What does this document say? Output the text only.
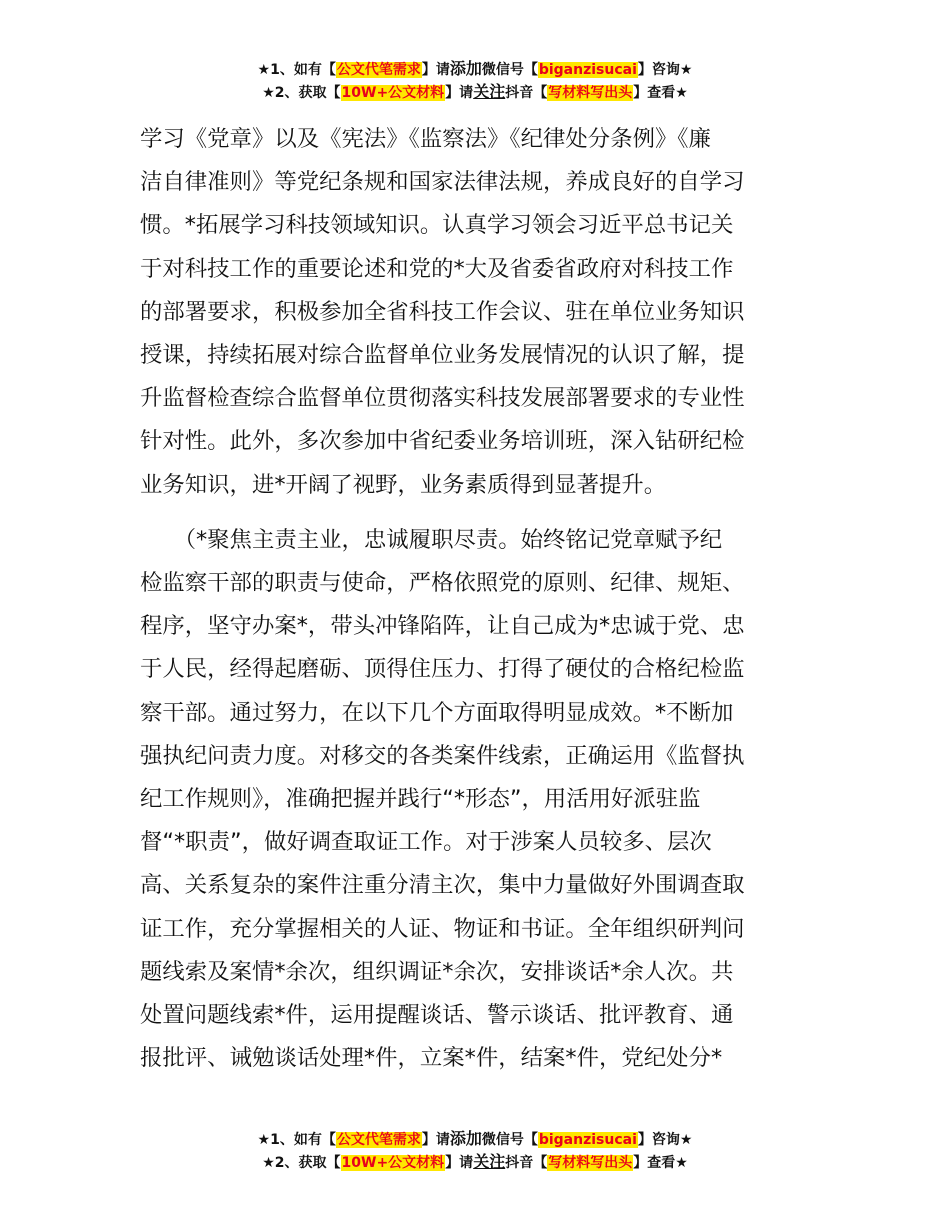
★1、如有【公文代笔需求】请添加微信号【biganzisucai】咨询★
★2、获取【10W+公文材料】请关注抖音【写材料写出头】查看★

学习《党章》以及《宪法》《监察法》《纪律处分条例》《廉
洁自律准则》等党纪条规和国家法律法规，养成良好的自学习
惯。*拓展学习科技领域知识。认真学习领会习近平总书记关
于对科技工作的重要论述和党的*大及省委省政府对科技工作
的部署要求，积极参加全省科技工作会议、驻在单位业务知识
授课，持续拓展对综合监督单位业务发展情况的认识了解，提
升监督检查综合监督单位贯彻落实科技发展部署要求的专业性
针对性。此外，多次参加中省纪委业务培训班，深入钻研纪检
业务知识，进*开阔了视野，业务素质得到显著提升。

　　（*聚焦主责主业，忠诚履职尽责。始终铭记党章赋予纪
检监察干部的职责与使命，严格依照党的原则、纪律、规矩、
程序，坚守办案*，带头冲锋陷阵，让自己成为*忠诚于党、忠
于人民，经得起磨砺、顶得住压力、打得了硬仗的合格纪检监
察干部。通过努力，在以下几个方面取得明显成效。*不断加
强执纪问责力度。对移交的各类案件线索，正确运用《监督执
纪工作规则》，准确把握并践行“*形态”，用活用好派驻监
督“*职责”，做好调查取证工作。对于涉案人员较多、层次
高、关系复杂的案件注重分清主次，集中力量做好外围调查取
证工作，充分掌握相关的人证、物证和书证。全年组织研判问
题线索及案情*余次，组织调证*余次，安排谈话*余人次。共
处置问题线索*件，运用提醒谈话、警示谈话、批评教育、通
报批评、诫勉谈话处理*件，立案*件，结案*件，党纪处分*

★1、如有【公文代笔需求】请添加微信号【biganzisucai】咨询★
★2、获取【10W+公文材料】请关注抖音【写材料写出头】查看★
